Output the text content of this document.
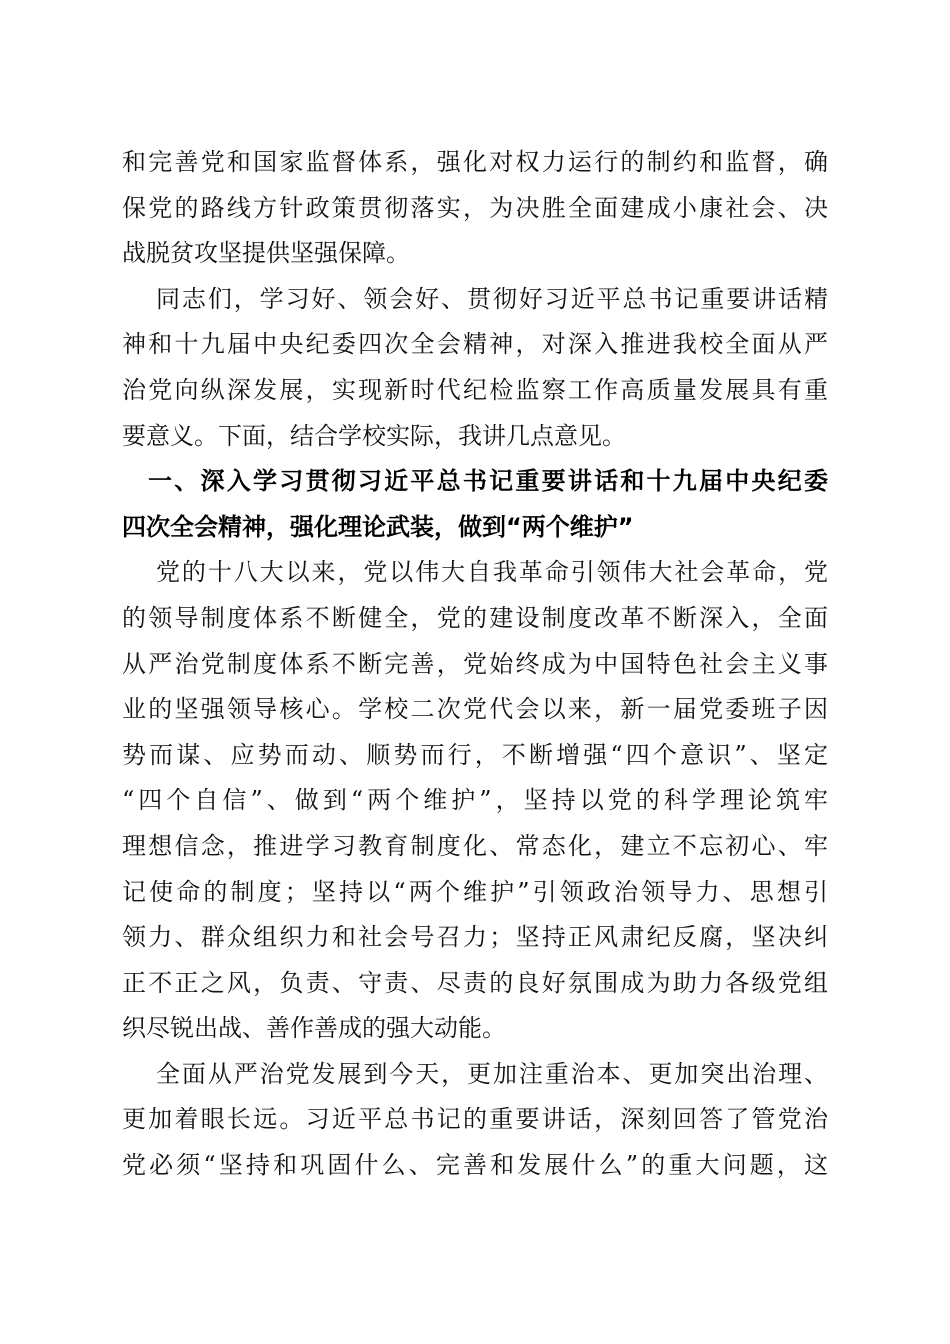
和完善党和国家监督体系，强化对权力运行的制约和监督，确
保党的路线方针政策贯彻落实，为决胜全面建成小康社会、决
战脱贫攻坚提供坚强保障。
同志们，学习好、领会好、贯彻好习近平总书记重要讲话精
神和十九届中央纪委四次全会精神，对深入推进我校全面从严
治党向纵深发展，实现新时代纪检监察工作高质量发展具有重
要意义。下面，结合学校实际，我讲几点意见。
一、深入学习贯彻习近平总书记重要讲话和十九届中央纪委
四次全会精神，强化理论武装，做到“两个维护”
党的十八大以来，党以伟大自我革命引领伟大社会革命，党
的领导制度体系不断健全，党的建设制度改革不断深入，全面
从严治党制度体系不断完善，党始终成为中国特色社会主义事
业的坚强领导核心。学校二次党代会以来，新一届党委班子因
势而谋、应势而动、顺势而行，不断增强“四个意识”、坚定
“四个自信”、做到“两个维护”，坚持以党的科学理论筑牢
理想信念，推进学习教育制度化、常态化，建立不忘初心、牢
记使命的制度；坚持以“两个维护”引领政治领导力、思想引
领力、群众组织力和社会号召力；坚持正风肃纪反腐，坚决纠
正不正之风，负责、守责、尽责的良好氛围成为助力各级党组
织尽锐出战、善作善成的强大动能。
全面从严治党发展到今天，更加注重治本、更加突出治理、
更加着眼长远。习近平总书记的重要讲话，深刻回答了管党治
党必须“坚持和巩固什么、完善和发展什么”的重大问题，这
